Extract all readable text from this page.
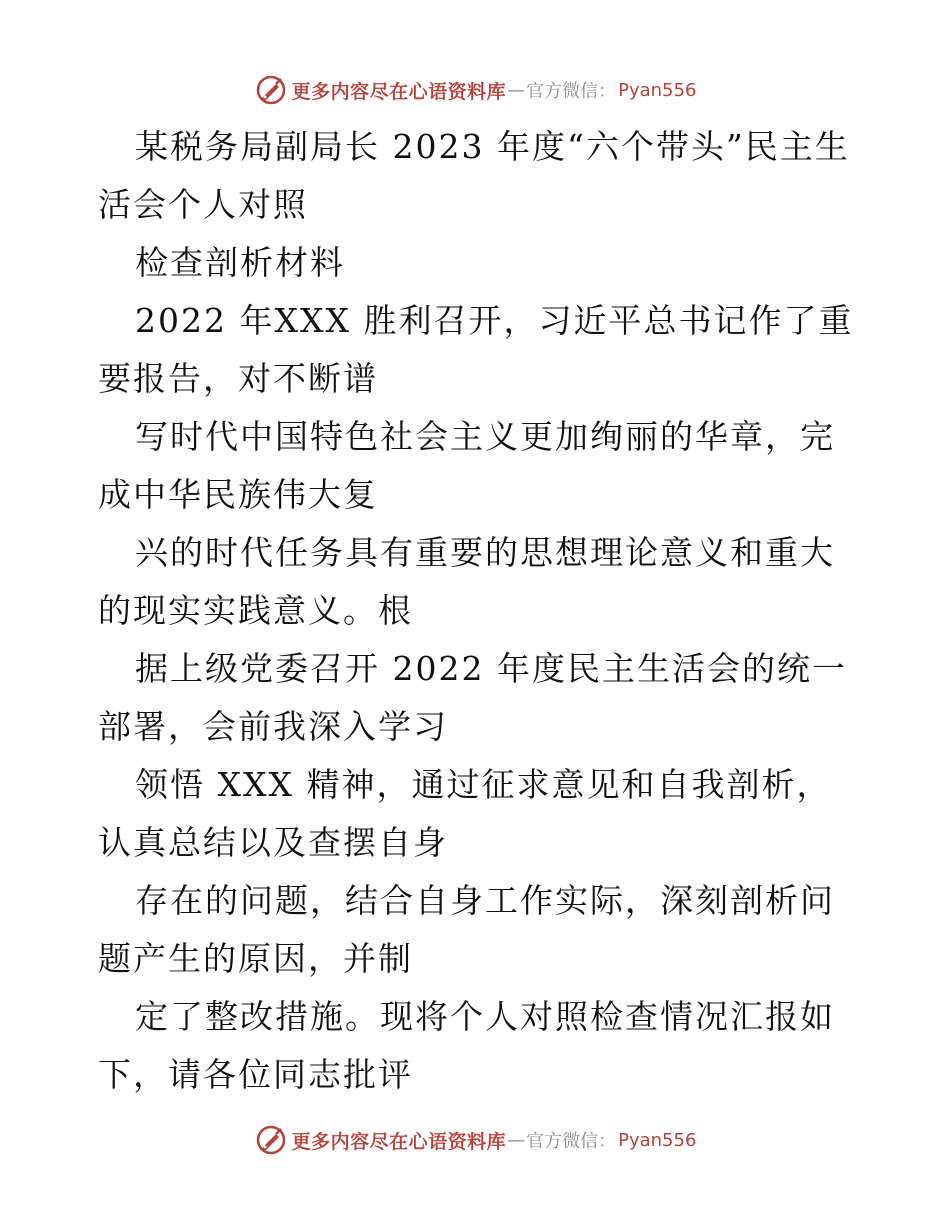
更多内容尽在心语资料库 — 官方微信： Pyan556

某税务局副局长 2023 年度“六个带头”民主生活会个人对照

检查剖析材料

2022 年XXX 胜利召开，习近平总书记作了重要报告，对不断谱

写时代中国特色社会主义更加绚丽的华章，完成中华民族伟大复

兴的时代任务具有重要的思想理论意义和重大的现实实践意义。根

据上级党委召开 2022 年度民主生活会的统一部署，会前我深入学习

领悟 XXX 精神，通过征求意见和自我剖析，认真总结以及查摆自身

存在的问题，结合自身工作实际，深刻剖析问题产生的原因，并制

定了整改措施。现将个人对照检查情况汇报如下，请各位同志批评

更多内容尽在心语资料库 — 官方微信： Pyan556
